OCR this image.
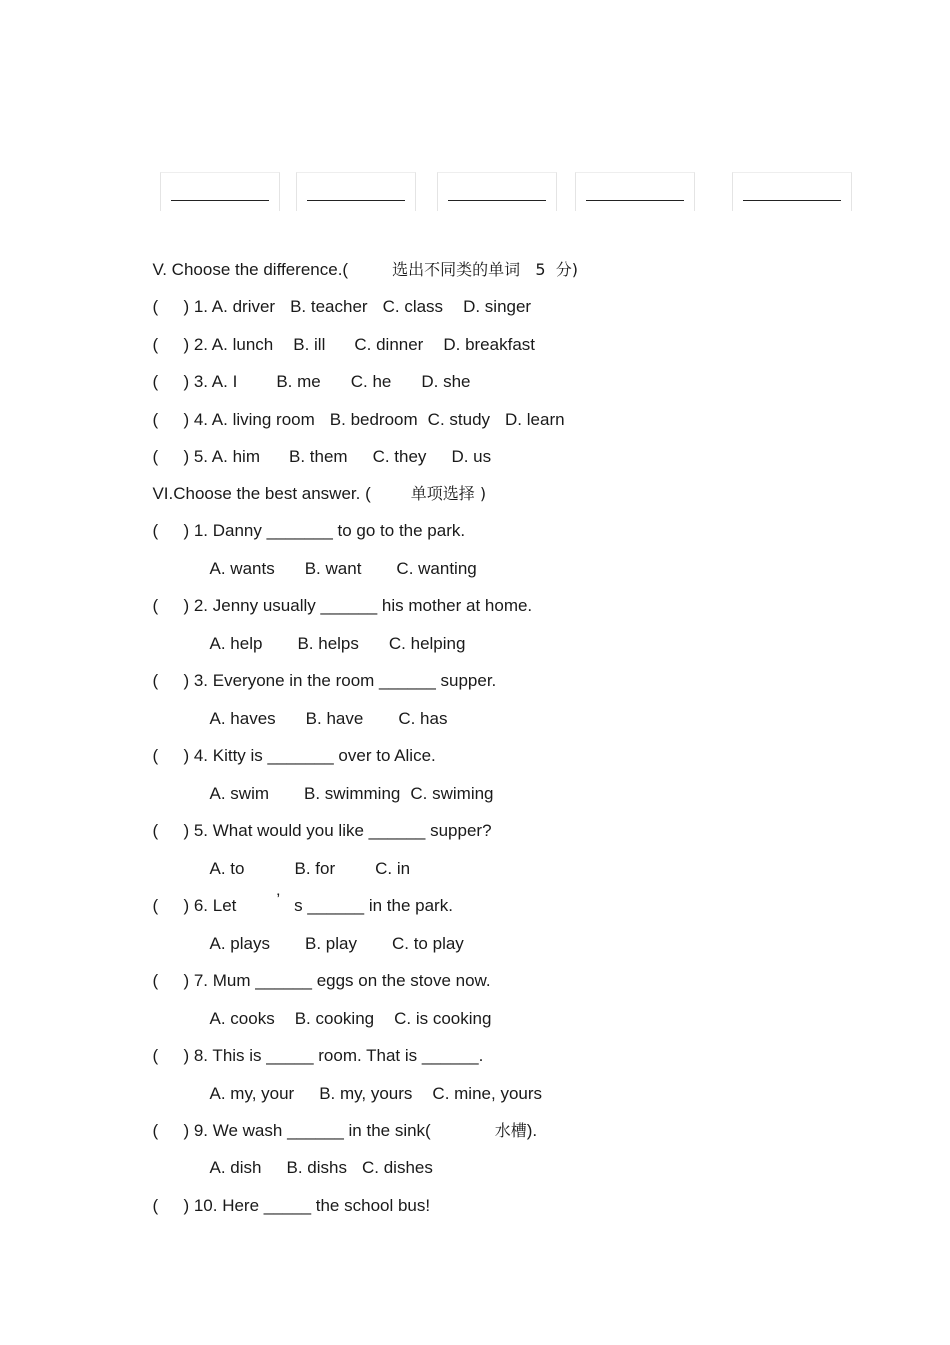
V. Choose the difference.(	选出不同类的单词   5  分)

( ) 1. A. driver B. teacher C. class D. singer

( ) 2. A. lunch B. ill C. dinner D. breakfast

( ) 3. A. I B. me C. he D. she

( ) 4. A. living room B. bedroom C. study D. learn

( ) 5. A. him B. them C. they D. us

VI.Choose the best answer. (	单项选择 )

( ) 1. Danny _______ to go to the park.

A. wants B. want C. wanting

( ) 2. Jenny usually ______ his mother at home.

A. help B. helps C. helping

( ) 3. Everyone in the room ______ supper.

A. haves B. have C. has

( ) 4. Kitty is _______ over to Alice.

A. swim B. swimming C. swiming

( ) 5. What would you like ______ supper?

A. to	B. for C. in

( ) 6. Let ’ s ______ in the park.

A. plays B. play C. to play

( ) 7. Mum ______ eggs on the stove now.

A. cooks B. cooking C. is cooking

( ) 8. This is _____ room. That is ______.

A. my, your B. my, yours C. mine, yours

( ) 9. We wash ______ in the sink(	水槽).

A. dish B. dishs C. dishes

( ) 10. Here _____ the school bus!
